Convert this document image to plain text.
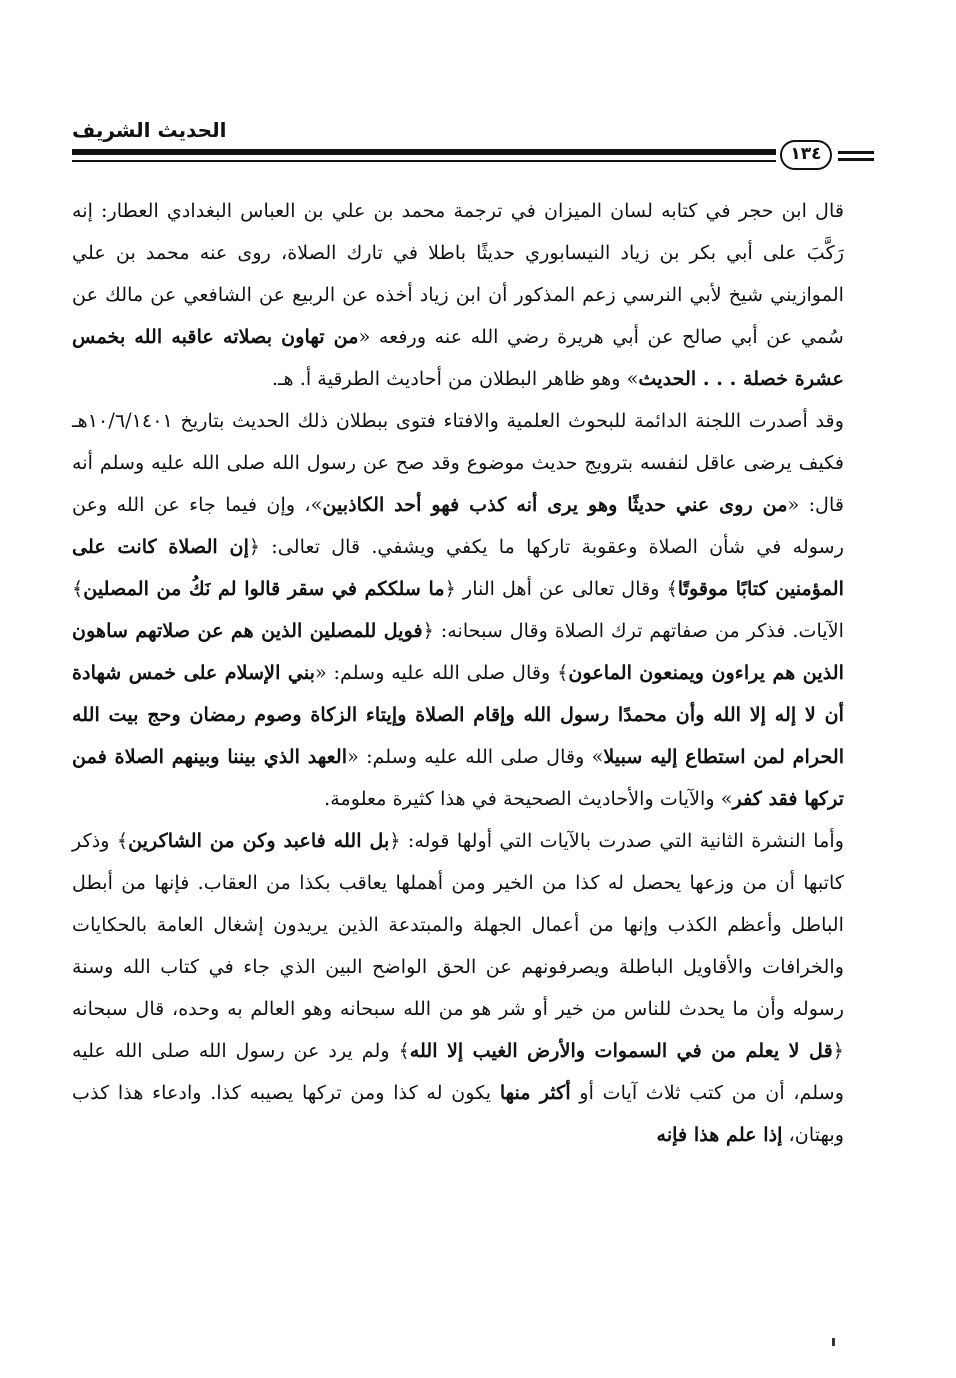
الحديث الشريف
١٣٤

قال ابن حجر في كتابه لسان الميزان في ترجمة محمد بن علي بن العباس البغدادي العطار: إنه رَكَّبَ على أبي بكر بن زياد النيسابوري حديثًا باطلا في تارك الصلاة، روى عنه محمد بن علي الموازيني شيخ لأبي النرسي زعم المذكور أن ابن زياد أخذه عن الربيع عن الشافعي عن مالك عن سُمي عن أبي صالح عن أبي هريرة رضي الله عنه ورفعه «من تهاون بصلاته عاقبه الله بخمس عشرة خصلة . . . الحديث» وهو ظاهر البطلان من أحاديث الطرقية أ. هـ.

وقد أصدرت اللجنة الدائمة للبحوث العلمية والافتاء فتوى ببطلان ذلك الحديث بتاريخ ١٠/٦/١٤٠١هـ فكيف يرضى عاقل لنفسه بترويج حديث موضوع وقد صح عن رسول الله صلى الله عليه وسلم أنه قال: «من روى عني حديثًا وهو يرى أنه كذب فهو أحد الكاذبين»، وإن فيما جاء عن الله وعن رسوله في شأن الصلاة وعقوبة تاركها ما يكفي ويشفي. قال تعالى: ﴿إن الصلاة كانت على المؤمنين كتابًا موقوتًا﴾ وقال تعالى عن أهل النار ﴿ما سلككم في سقر قالوا لم نَكُ من المصلين﴾ الآيات. فذكر من صفاتهم ترك الصلاة وقال سبحانه: ﴿فويل للمصلين الذين هم عن صلاتهم ساهون الذين هم يراءون ويمنعون الماعون﴾ وقال صلى الله عليه وسلم: «بني الإسلام على خمس شهادة أن لا إله إلا الله وأن محمدًا رسول الله وإقام الصلاة وإيتاء الزكاة وصوم رمضان وحج بيت الله الحرام لمن استطاع إليه سبيلا» وقال صلى الله عليه وسلم: «العهد الذي بيننا وبينهم الصلاة فمن تركها فقد كفر» والآيات والأحاديث الصحيحة في هذا كثيرة معلومة.

وأما النشرة الثانية التي صدرت بالآيات التي أولها قوله: ﴿بل الله فاعبد وكن من الشاكرين﴾ وذكر كاتبها أن من وزعها يحصل له كذا من الخير ومن أهملها يعاقب بكذا من العقاب. فإنها من أبطل الباطل وأعظم الكذب وإنها من أعمال الجهلة والمبتدعة الذين يريدون إشغال العامة بالحكايات والخرافات والأقاويل الباطلة ويصرفونهم عن الحق الواضح البين الذي جاء في كتاب الله وسنة رسوله وأن ما يحدث للناس من خير أو شر هو من الله سبحانه وهو العالم به وحده، قال سبحانه ﴿قل لا يعلم من في السموات والأرض الغيب إلا الله﴾ ولم يرد عن رسول الله صلى الله عليه وسلم، أن من كتب ثلاث آيات أو أكثر منها يكون له كذا ومن تركها يصيبه كذا. وادعاء هذا كذب وبهتان، إذا علم هذا فإنه
